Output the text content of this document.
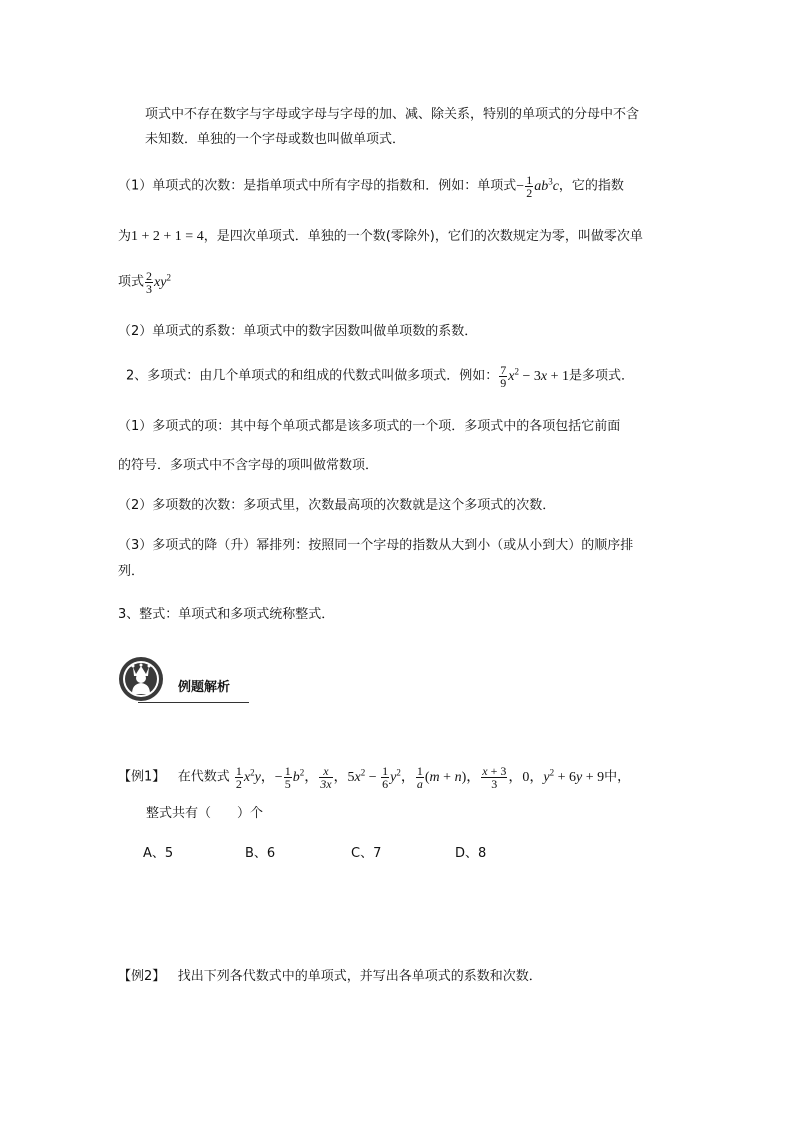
项式中不存在数字与字母或字母与字母的加、减、除关系，特别的单项式的分母中不含
未知数．单独的一个字母或数也叫做单项式．
（1）单项式的次数：是指单项式中所有字母的指数和．例如：单项式− $\frac{1}{2} ab^3c$，它的指数
为1 + 2 + 1 = 4，是四次单项式．单独的一个数(零除外)，它们的次数规定为零，叫做零次单
项式 $\frac{2}{3} xy^2$
（2）单项式的系数：单项式中的数字因数叫做单项数的系数．
2、多项式：由几个单项式的和组成的代数式叫做多项式．例如： $\frac{7}{9} x^2 - 3x + 1$是多项式．
（1）多项式的项：其中每个单项式都是该多项式的一个项．多项式中的各项包括它前面
的符号．多项式中不含字母的项叫做常数项．
（2）多项数的次数：多项式里，次数最高项的次数就是这个多项式的次数．
（3）多项式的降（升）幂排列：按照同一个字母的指数从大到小（或从小到大）的顺序排
列．
3、整式：单项式和多项式统称整式．
例题解析
【例1】 在代数式 $\frac{1}{2} x^2y$，− $\frac{1}{5} b^2$， $\frac{x}{3x}$ ，$5x^2 - \frac{1}{6} y^2$， $\frac{1}{a} (m + n)$， $\frac{x + 3}{3}$ ，0，$y^2 + 6y + 9$中，
整式共有（　　）个
A、5	B、6	C、7	D、8
【例2】 找出下列各代数式中的单项式，并写出各单项式的系数和次数．
